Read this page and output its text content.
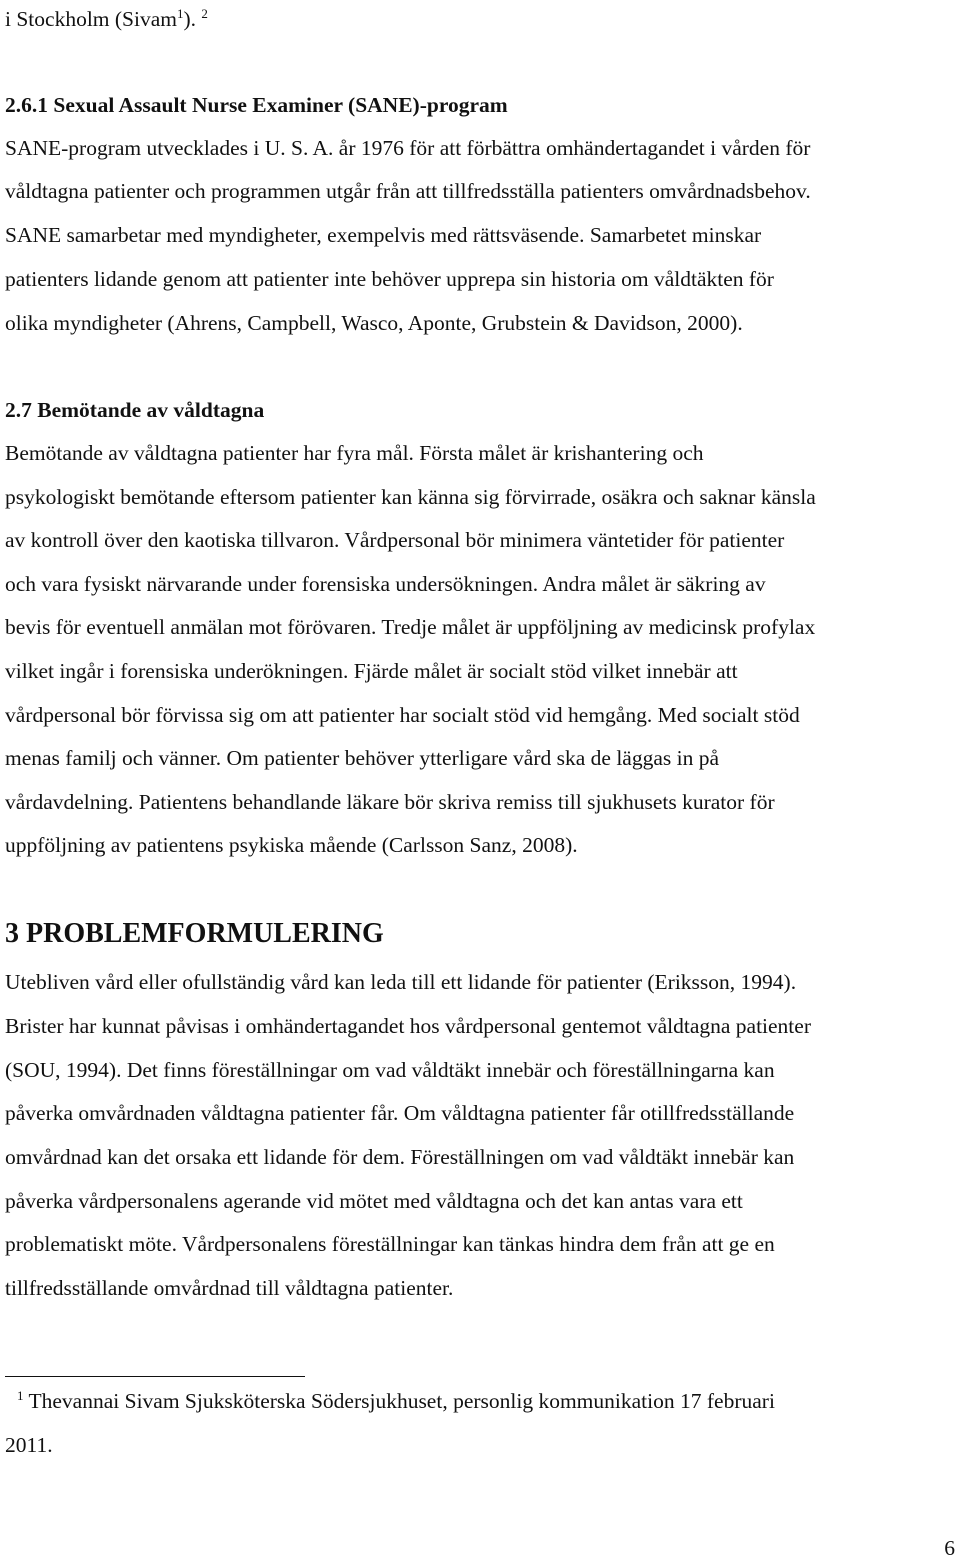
i Stockholm (Sivam$^1$). $^2$
2.6.1 Sexual Assault Nurse Examiner (SANE)-program
SANE-program utvecklades i U. S. A. år 1976 för att förbättra omhändertagandet i vården för
våldtagna patienter och programmen utgår från att tillfredsställa patienters omvårdnadsbehov.
SANE samarbetar med myndigheter, exempelvis med rättsväsende. Samarbetet minskar
patienters lidande genom att patienter inte behöver upprepa sin historia om våldtäkten för
olika myndigheter (Ahrens, Campbell, Wasco, Aponte, Grubstein & Davidson, 2000).
2.7 Bemötande av våldtagna
Bemötande av våldtagna patienter har fyra mål. Första målet är krishantering och
psykologiskt bemötande eftersom patienter kan känna sig förvirrade, osäkra och saknar känsla
av kontroll över den kaotiska tillvaron. Vårdpersonal bör minimera väntetider för patienter
och vara fysiskt närvarande under forensiska undersökningen. Andra målet är säkring av
bevis för eventuell anmälan mot förövaren. Tredje målet är uppföljning av medicinsk profylax
vilket ingår i forensiska underökningen. Fjärde målet är socialt stöd vilket innebär att
vårdpersonal bör förvissa sig om att patienter har socialt stöd vid hemgång. Med socialt stöd
menas familj och vänner. Om patienter behöver ytterligare vård ska de läggas in på
vårdavdelning. Patientens behandlande läkare bör skriva remiss till sjukhusets kurator för
uppföljning av patientens psykiska mående (Carlsson Sanz, 2008).
3 PROBLEMFORMULERING
Utebliven vård eller ofullständig vård kan leda till ett lidande för patienter (Eriksson, 1994).
Brister har kunnat påvisas i omhändertagandet hos vårdpersonal gentemot våldtagna patienter
(SOU, 1994). Det finns föreställningar om vad våldtäkt innebär och föreställningarna kan
påverka omvårdnaden våldtagna patienter får. Om våldtagna patienter får otillfredsställande
omvårdnad kan det orsaka ett lidande för dem. Föreställningen om vad våldtäkt innebär kan
påverka vårdpersonalens agerande vid mötet med våldtagna och det kan antas vara ett
problematiskt möte. Vårdpersonalens föreställningar kan tänkas hindra dem från att ge en
tillfredsställande omvårdnad till våldtagna patienter.
$^1$ Thevannai Sivam Sjuksköterska Södersjukhuset, personlig kommunikation 17 februari
2011.
6
